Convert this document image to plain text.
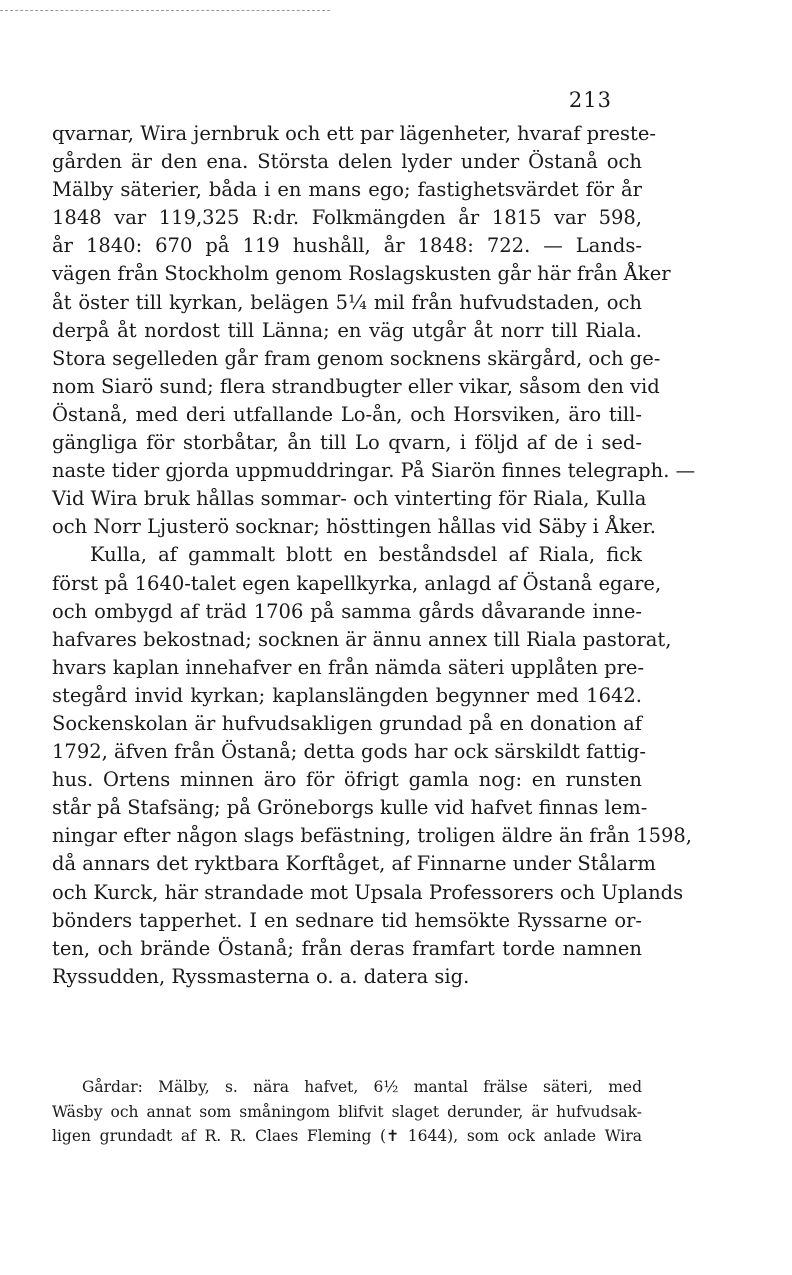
213
qvarnar, Wira jernbruk och ett par lägenheter, hvaraf preste-
gården är den ena. Största delen lyder under Östanå och
Mälby säterier, båda i en mans ego; fastighetsvärdet för år
1848 var 119,325 R:dr. Folkmängden år 1815 var 598,
år 1840: 670 på 119 hushåll, år 1848: 722. — Lands-
vägen från Stockholm genom Roslagskusten går här från Åker
åt öster till kyrkan, belägen 5¼ mil från hufvudstaden, och
derpå åt nordost till Länna; en väg utgår åt norr till Riala.
Stora segelleden går fram genom socknens skärgård, och ge-
nom Siarö sund; flera strandbugter eller vikar, såsom den vid
Östanå, med deri utfallande Lo-ån, och Horsviken, äro till-
gängliga för storbåtar, ån till Lo qvarn, i följd af de i sed-
naste tider gjorda uppmuddringar. På Siarön finnes telegraph. —
Vid Wira bruk hållas sommar- och vinterting för Riala, Kulla
och Norr Ljusterö socknar; hösttingen hållas vid Säby i Åker.
Kulla, af gammalt blott en beståndsdel af Riala, fick
först på 1640-talet egen kapellkyrka, anlagd af Östanå egare,
och ombygd af träd 1706 på samma gårds dåvarande inne-
hafvares bekostnad; socknen är ännu annex till Riala pastorat,
hvars kaplan innehafver en från nämda säteri upplåten pre-
stegård invid kyrkan; kaplanslängden begynner med 1642.
Sockenskolan är hufvudsakligen grundad på en donation af
1792, äfven från Östanå; detta gods har ock särskildt fattig-
hus. Ortens minnen äro för öfrigt gamla nog: en runsten
står på Stafsäng; på Gröneborgs kulle vid hafvet finnas lem-
ningar efter någon slags befästning, troligen äldre än från 1598,
då annars det ryktbara Korftåget, af Finnarne under Stålarm
och Kurck, här strandade mot Upsala Professorers och Uplands
bönders tapperhet. I en sednare tid hemsökte Ryssarne or-
ten, och brände Östanå; från deras framfart torde namnen
Ryssudden, Ryssmasterna o. a. datera sig.
Gårdar: Mälby, s. nära hafvet, 6½ mantal frälse säteri, med
Wäsby och annat som småningom blifvit slaget derunder, är hufvudsak-
ligen grundadt af R. R. Claes Fleming (✝ 1644), som ock anlade Wira
